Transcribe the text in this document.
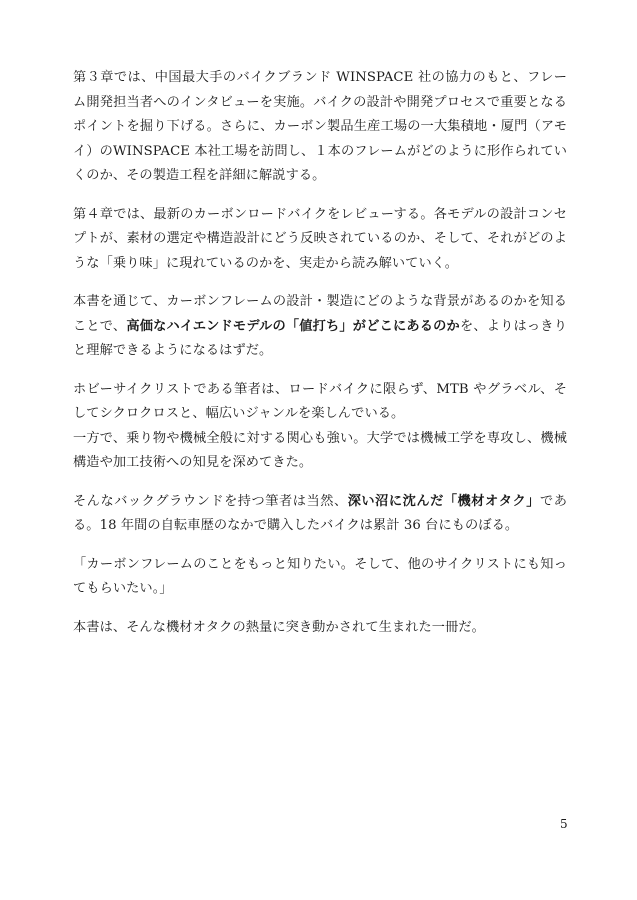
第３章では、中国最大手のバイクブランド WINSPACE 社の協力のもと、フレーム開発担当者へのインタビューを実施。バイクの設計や開発プロセスで重要となるポイントを掘り下げる。さらに、カーボン製品生産工場の一大集積地・厦門（アモイ）のWINSPACE 本社工場を訪問し、１本のフレームがどのように形作られていくのか、その製造工程を詳細に解説する。

第４章では、最新のカーボンロードバイクをレビューする。各モデルの設計コンセプトが、素材の選定や構造設計にどう反映されているのか、そして、それがどのような「乗り味」に現れているのかを、実走から読み解いていく。

本書を通じて、カーボンフレームの設計・製造にどのような背景があるのかを知ることで、高価なハイエンドモデルの「値打ち」がどこにあるのかを、よりはっきりと理解できるようになるはずだ。

ホビーサイクリストである筆者は、ロードバイクに限らず、MTB やグラベル、そしてシクロクロスと、幅広いジャンルを楽しんでいる。
一方で、乗り物や機械全般に対する関心も強い。大学では機械工学を専攻し、機械構造や加工技術への知見を深めてきた。

そんなバックグラウンドを持つ筆者は当然、深い沼に沈んだ「機材オタク」である。18 年間の自転車歴のなかで購入したバイクは累計 36 台にものぼる。

「カーボンフレームのことをもっと知りたい。そして、他のサイクリストにも知ってもらいたい。」

本書は、そんな機材オタクの熱量に突き動かされて生まれた一冊だ。

5
